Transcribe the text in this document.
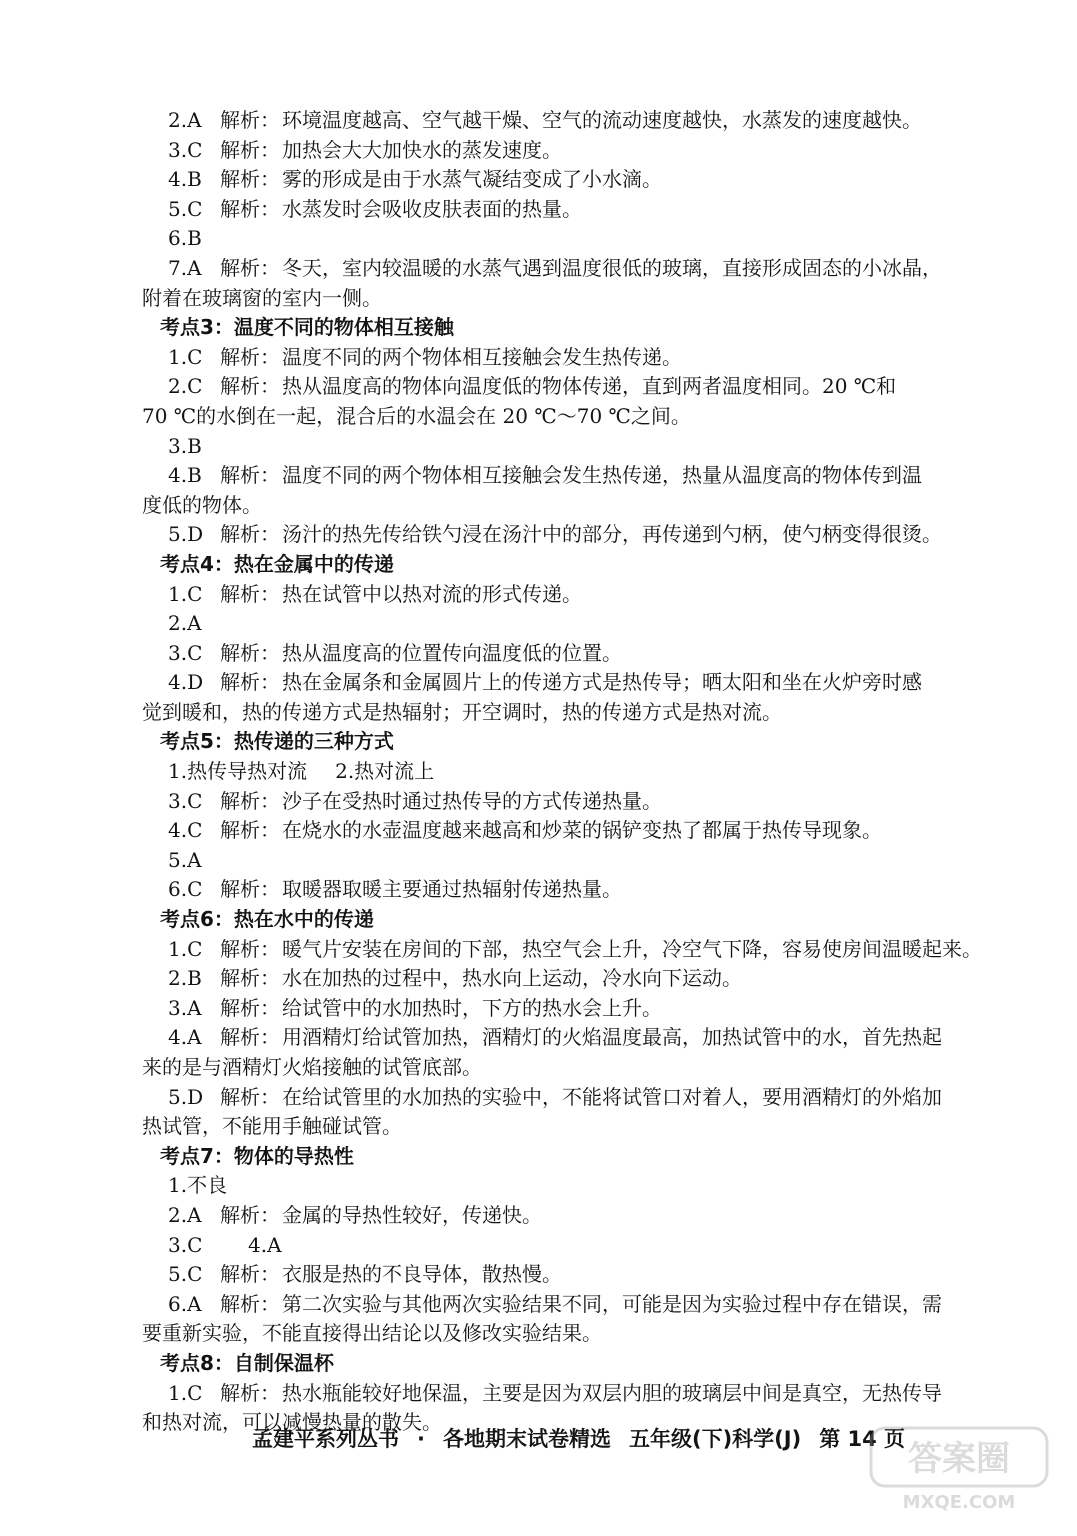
2.A 解析： 环境温度越高、空气越干燥、空气的流动速度越快，水蒸发的速度越快。
3.C 解析： 加热会大大加快水的蒸发速度。
4.B 解析： 雾的形成是由于水蒸气凝结变成了小水滴。
5.C 解析： 水蒸发时会吸收皮肤表面的热量。
6.B
7.A 解析： 冬天，室内较温暖的水蒸气遇到温度很低的玻璃，直接形成固态的小冰晶，
附着在玻璃窗的室内一侧。
考点3：温度不同的物体相互接触
1.C 解析： 温度不同的两个物体相互接触会发生热传递。
2.C 解析： 热从温度高的物体向温度低的物体传递，直到两者温度相同。20 ℃和
70 ℃的水倒在一起，混合后的水温会在 20 ℃～70 ℃之间。
3.B
4.B 解析： 温度不同的两个物体相互接触会发生热传递，热量从温度高的物体传到温
度低的物体。
5.D 解析： 汤汁的热先传给铁勺浸在汤汁中的部分，再传递到勺柄，使勺柄变得很烫。
考点4：热在金属中的传递
1.C 解析： 热在试管中以热对流的形式传递。
2.A
3.C 解析： 热从温度高的位置传向温度低的位置。
4.D 解析： 热在金属条和金属圆片上的传递方式是热传导；晒太阳和坐在火炉旁时感
觉到暖和，热的传递方式是热辐射；开空调时，热的传递方式是热对流。
考点5：热传递的三种方式
1.热传导热对流 2.热对流上
3.C 解析： 沙子在受热时通过热传导的方式传递热量。
4.C 解析： 在烧水的水壶温度越来越高和炒菜的锅铲变热了都属于热传导现象。
5.A
6.C 解析： 取暖器取暖主要通过热辐射传递热量。
考点6：热在水中的传递
1.C 解析： 暖气片安装在房间的下部，热空气会上升，冷空气下降，容易使房间温暖起来。
2.B 解析： 水在加热的过程中，热水向上运动，冷水向下运动。
3.A 解析： 给试管中的水加热时，下方的热水会上升。
4.A 解析： 用酒精灯给试管加热，酒精灯的火焰温度最高，加热试管中的水，首先热起
来的是与酒精灯火焰接触的试管底部。
5.D 解析： 在给试管里的水加热的实验中，不能将试管口对着人，要用酒精灯的外焰加
热试管，不能用手触碰试管。
考点7：物体的导热性
1.不良
2.A 解析： 金属的导热性较好，传递快。
3.C 4.A
5.C 解析： 衣服是热的不良导体，散热慢。
6.A 解析： 第二次实验与其他两次实验结果不同，可能是因为实验过程中存在错误，需
要重新实验，不能直接得出结论以及修改实验结果。
考点8：自制保温杯
1.C 解析： 热水瓶能较好地保温，主要是因为双层内胆的玻璃层中间是真空，无热传导
和热对流，可以减慢热量的散失。
孟建平系列丛书 · 各地期末试卷精选 五年级(下)科学(J) 第 14 页 答案圈
MXQE.COM
